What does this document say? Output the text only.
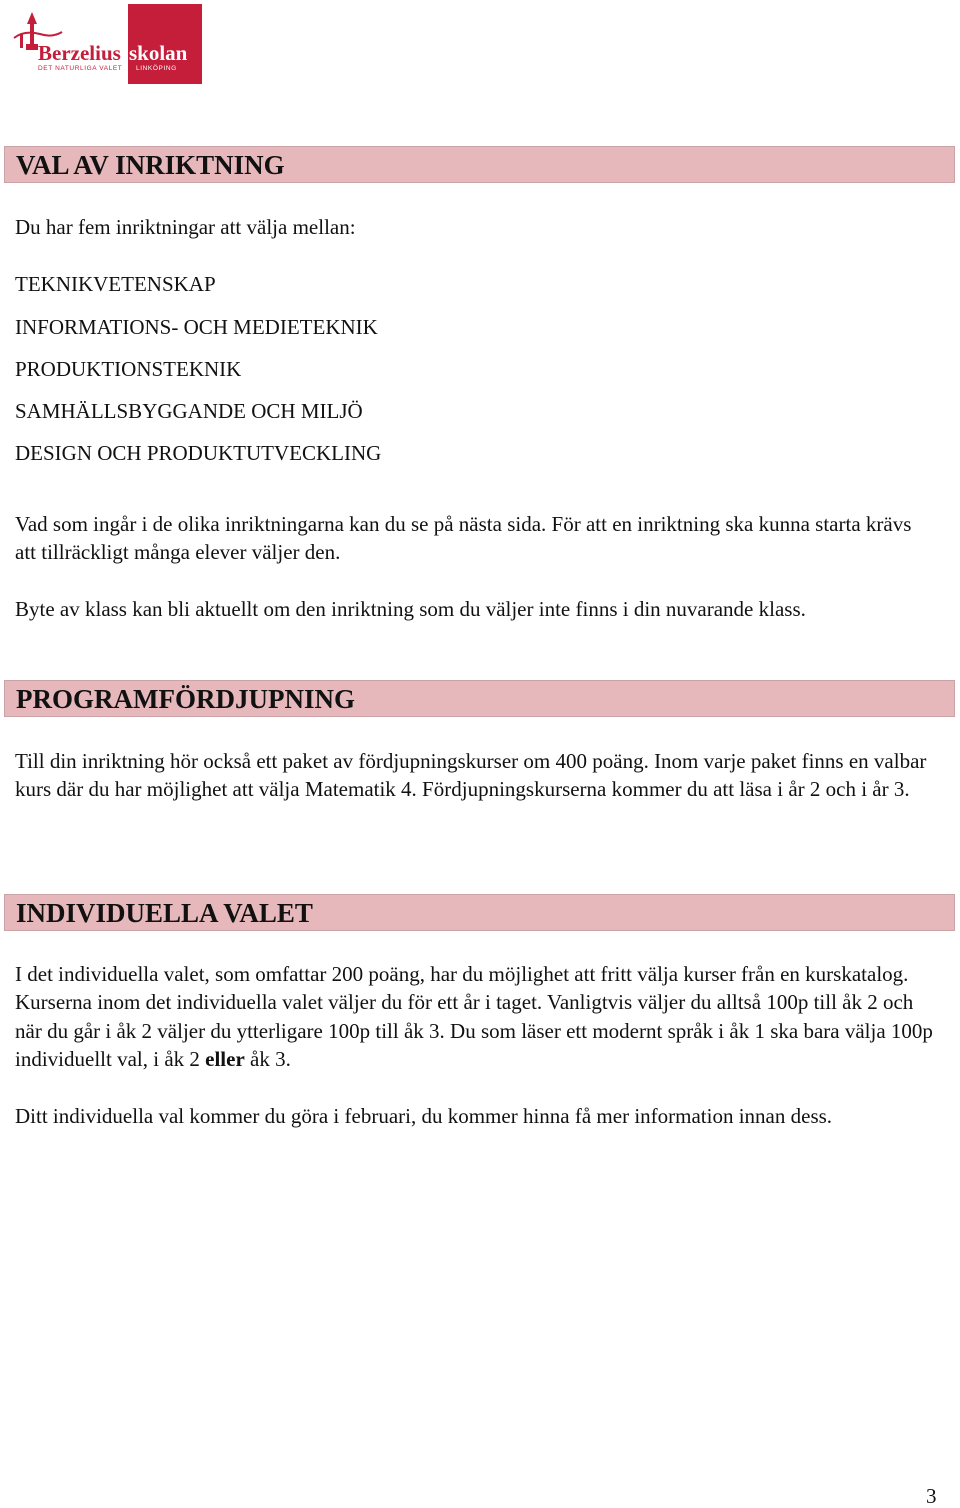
Berzelius skolan
DET NATURLIGA VALET LINKÖPING
VAL AV INRIKTNING
Du har fem inriktningar att välja mellan:
TEKNIKVETENSKAP
INFORMATIONS- OCH MEDIETEKNIK
PRODUKTIONSTEKNIK
SAMHÄLLSBYGGANDE OCH MILJÖ
DESIGN OCH PRODUKTUTVECKLING
Vad som ingår i de olika inriktningarna kan du se på nästa sida. För att en inriktning ska kunna starta krävs att tillräckligt många elever väljer den.
Byte av klass kan bli aktuellt om den inriktning som du väljer inte finns i din nuvarande klass.
PROGRAMFÖRDJUPNING
Till din inriktning hör också ett paket av fördjupningskurser om 400 poäng. Inom varje paket finns en valbar kurs där du har möjlighet att välja Matematik 4. Fördjupningskurserna kommer du att läsa i år 2 och i år 3.
INDIVIDUELLA VALET
I det individuella valet, som omfattar 200 poäng, har du möjlighet att fritt välja kurser från en kurskatalog. Kurserna inom det individuella valet väljer du för ett år i taget. Vanligtvis väljer du alltså 100p till åk 2 och när du går i åk 2 väljer du ytterligare 100p till åk 3. Du som läser ett modernt språk i åk 1 ska bara välja 100p individuellt val, i åk 2 eller åk 3.
Ditt individuella val kommer du göra i februari, du kommer hinna få mer information innan dess.
3
